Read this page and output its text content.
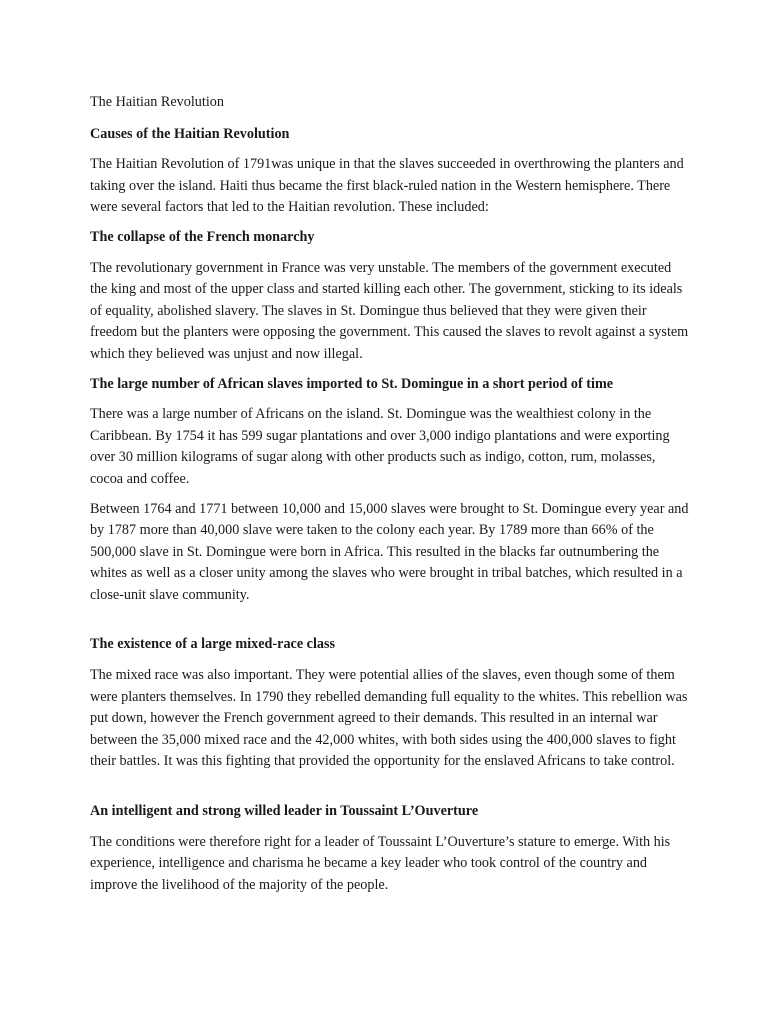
The Haitian Revolution

Causes of the Haitian Revolution

The Haitian Revolution of 1791was unique in that the slaves succeeded in overthrowing the planters and taking over the island. Haiti thus became the first black-ruled nation in the Western hemisphere. There were several factors that led to the Haitian revolution. These included:

The collapse of the French monarchy

The revolutionary government in France was very unstable. The members of the government executed the king and most of the upper class and started killing each other. The government, sticking to its ideals of equality, abolished slavery. The slaves in St. Domingue thus believed that they were given their freedom but the planters were opposing the government. This caused the slaves to revolt against a system which they believed was unjust and now illegal.

The large number of African slaves imported to St. Domingue in a short period of time

There was a large number of Africans on the island. St. Domingue was the wealthiest colony in the Caribbean. By 1754 it has 599 sugar plantations and over 3,000 indigo plantations and were exporting over 30 million kilograms of sugar along with other products such as indigo, cotton, rum, molasses, cocoa and coffee.

Between 1764 and 1771 between 10,000 and 15,000 slaves were brought to St. Domingue every year and by 1787 more than 40,000 slave were taken to the colony each year. By 1789 more than 66% of the 500,000 slave in St. Domingue were born in Africa. This resulted in the blacks far outnumbering the whites as well as a closer unity among the slaves who were brought in tribal batches, which resulted in a close-unit slave community.

The existence of a large mixed-race class

The mixed race was also important. They were potential allies of the slaves, even though some of them were planters themselves. In 1790 they rebelled demanding full equality to the whites. This rebellion was put down, however the French government agreed to their demands. This resulted in an internal war between the 35,000 mixed race and the 42,000 whites, with both sides using the 400,000 slaves to fight their battles. It was this fighting that provided the opportunity for the enslaved Africans to take control.

An intelligent and strong willed leader in Toussaint L’Ouverture

The conditions were therefore right for a leader of Toussaint L’Ouverture’s stature to emerge. With his experience, intelligence and charisma he became a key leader who took control of the country and improve the livelihood of the majority of the people.
